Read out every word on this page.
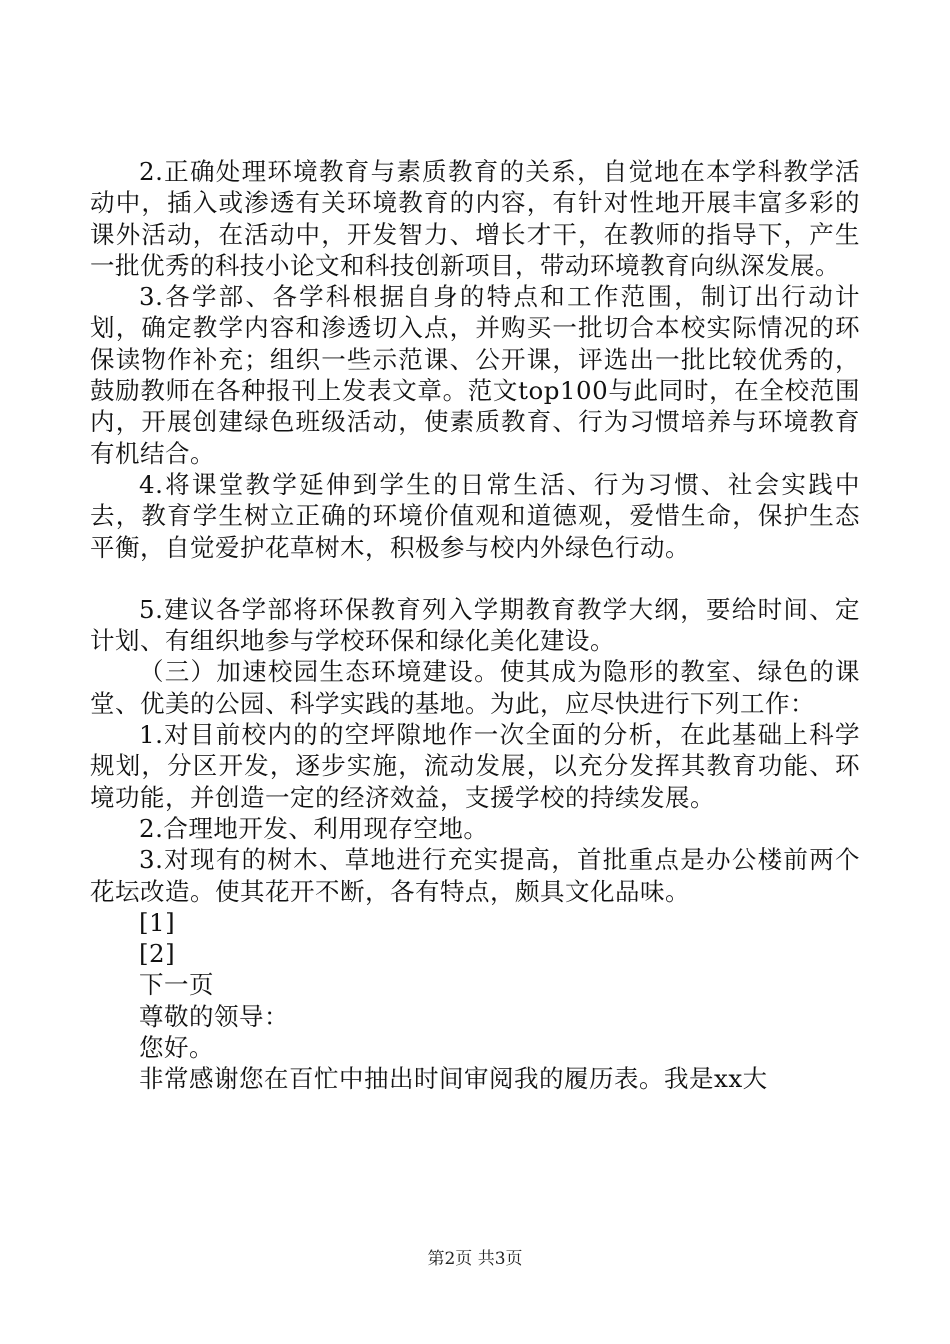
2.正确处理环境教育与素质教育的关系，自觉地在本学科教学活动中，插入或渗透有关环境教育的内容，有针对性地开展丰富多彩的课外活动，在活动中，开发智力、增长才干，在教师的指导下，产生一批优秀的科技小论文和科技创新项目，带动环境教育向纵深发展。

3.各学部、各学科根据自身的特点和工作范围，制订出行动计划，确定教学内容和渗透切入点，并购买一批切合本校实际情况的环保读物作补充；组织一些示范课、公开课，评选出一批比较优秀的，鼓励教师在各种报刊上发表文章。范文top100与此同时，在全校范围内，开展创建绿色班级活动，使素质教育、行为习惯培养与环境教育有机结合。

4.将课堂教学延伸到学生的日常生活、行为习惯、社会实践中去，教育学生树立正确的环境价值观和道德观，爱惜生命，保护生态平衡，自觉爱护花草树木，积极参与校内外绿色行动。

5.建议各学部将环保教育列入学期教育教学大纲，要给时间、定计划、有组织地参与学校环保和绿化美化建设。

（三）加速校园生态环境建设。使其成为隐形的教室、绿色的课堂、优美的公园、科学实践的基地。为此，应尽快进行下列工作：

1.对目前校内的的空坪隙地作一次全面的分析，在此基础上科学规划，分区开发，逐步实施，流动发展，以充分发挥其教育功能、环境功能，并创造一定的经济效益，支援学校的持续发展。

2.合理地开发、利用现存空地。

3.对现有的树木、草地进行充实提高，首批重点是办公楼前两个花坛改造。使其花开不断，各有特点，颇具文化品味。

[1]

[2]

下一页

尊敬的领导：

您好。

非常感谢您在百忙中抽出时间审阅我的履历表。我是xx大

第2页 共3页
